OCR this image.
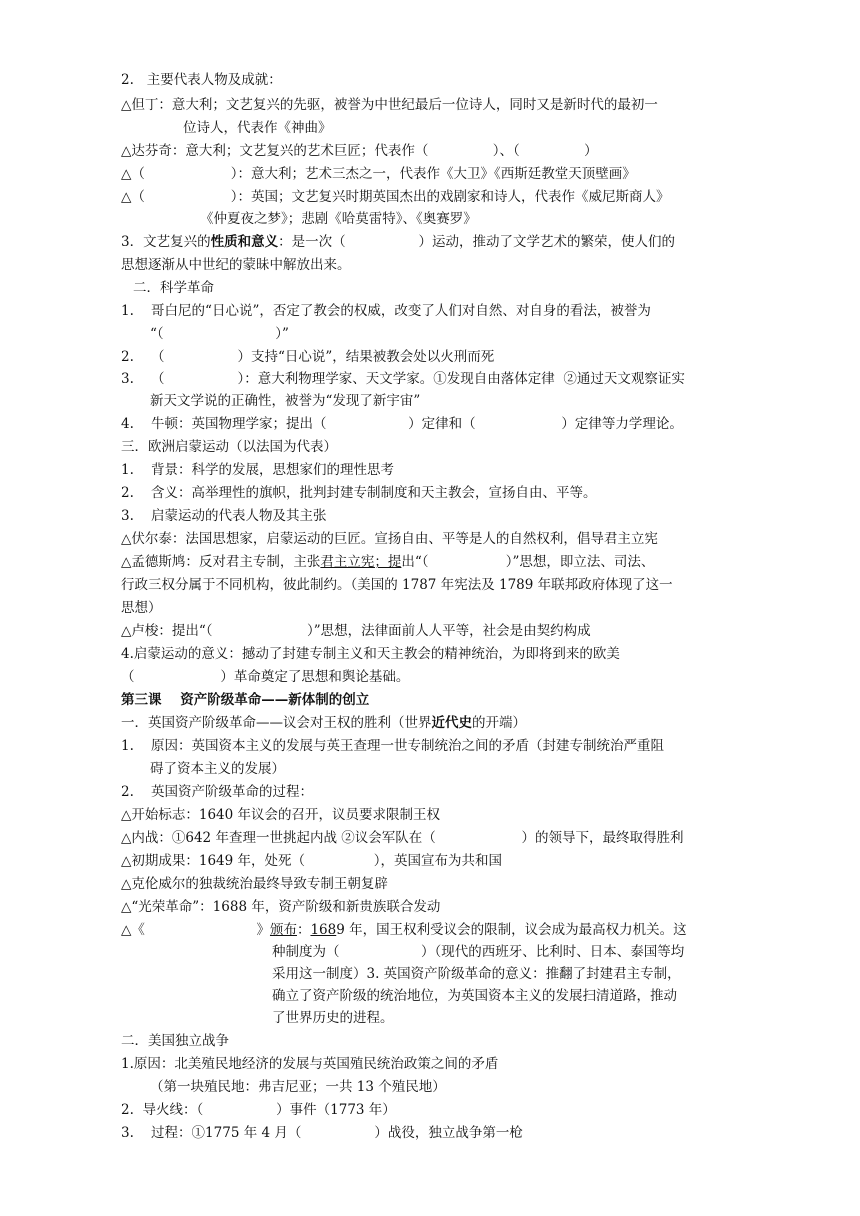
2.   主要代表人物及成就：
△但丁：意大利；文艺复兴的先驱，被誉为中世纪最后一位诗人，同时又是新时代的最初一
位诗人，代表作《神曲》
△达芬奇：意大利；文艺复兴的艺术巨匠；代表作（               ）、（               ）
△（                    ）：意大利；艺术三杰之一，代表作《大卫》《西斯廷教堂天顶壁画》
△（                    ）：英国；文艺复兴时期英国杰出的戏剧家和诗人，代表作《威尼斯商人》
《仲夏夜之梦》；悲剧《哈莫雷特》、《奥赛罗》
3．文艺复兴的性质和意义：是一次（                 ）运动，推动了文学艺术的繁荣，使人们的
思想逐渐从中世纪的蒙昧中解放出来。
二．科学革命
1.    哥白尼的“日心说”，否定了教会的权威，改变了人们对自然、对自身的看法，被誉为
“（                          ）”
2.    （                 ）支持“日心说”，结果被教会处以火刑而死
3.    （                 ）：意大利物理学家、天文学家。①发现自由落体定律  ②通过天文观察证实
新天文学说的正确性，被誉为“发现了新宇宙”
4.    牛顿：英国物理学家；提出（                   ）定律和（                    ）定律等力学理论。
三．欧洲启蒙运动（以法国为代表）
1.    背景：科学的发展，思想家们的理性思考
2.    含义：高举理性的旗帜，批判封建专制制度和天主教会，宣扬自由、平等。
3.    启蒙运动的代表人物及其主张
△伏尔泰：法国思想家，启蒙运动的巨匠。宣扬自由、平等是人的自然权利，倡导君主立宪
△孟德斯鸠：反对君主专制，主张君主立宪；提出“（                  ）”思想，即立法、司法、
行政三权分属于不同机构，彼此制约。（美国的 1787 年宪法及 1789 年联邦政府体现了这一
思想）
△卢梭：提出“（                      ）”思想，法律面前人人平等，社会是由契约构成
4.启蒙运动的意义：撼动了封建专制主义和天主教会的精神统治，为即将到来的欧美
（                    ）革命奠定了思想和舆论基础。
第三课    资产阶级革命——新体制的创立
一．英国资产阶级革命——议会对王权的胜利（世界近代史的开端）
1.    原因：英国资本主义的发展与英王查理一世专制统治之间的矛盾（封建专制统治严重阻
碍了资本主义的发展）
2.    英国资产阶级革命的过程：
△开始标志：1640 年议会的召开，议员要求限制王权
△内战：①642 年查理一世挑起内战 ②议会军队在（                    ）的领导下，最终取得胜利
△初期成果：1649 年，处死（                ），英国宣布为共和国
△克伦威尔的独裁统治最终导致专制王朝复辟
△“光荣革命”：1688 年，资产阶级和新贵族联合发动
△《                          》颁布：1689 年，国王权利受议会的限制，议会成为最高权力机关。这
种制度为（                   ）（现代的西班牙、比利时、日本、泰国等均
采用这一制度）3. 英国资产阶级革命的意义：推翻了封建君主专制，
确立了资产阶级的统治地位，为英国资本主义的发展扫清道路，推动
了世界历史的进程。
二．美国独立战争
1.原因：北美殖民地经济的发展与英国殖民统治政策之间的矛盾
（第一块殖民地：弗吉尼亚；一共 13 个殖民地）
2.  导火线：（                 ）事件（1773 年）
3.    过程：①1775 年 4 月（                 ）战役，独立战争第一枪
